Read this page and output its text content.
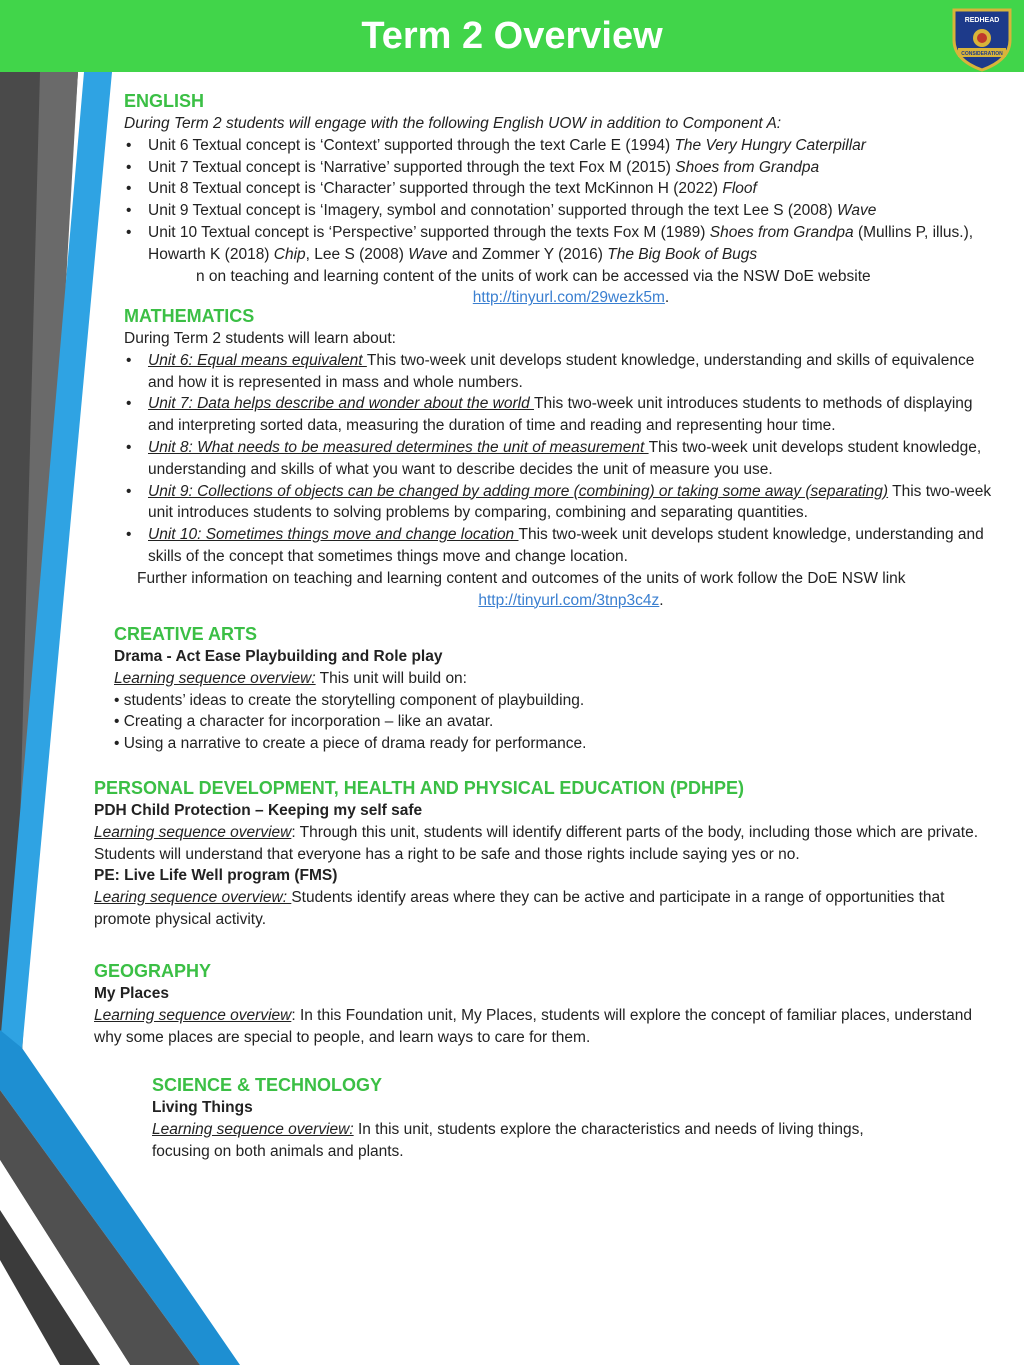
Term 2 Overview	REDHEAD
CONSIDERATION
ENGLISH
During Term 2 students will engage with the following English UOW in addition to Component A:
• Unit 6 Textual concept is ‘Context’ supported through the text Carle E (1994) The Very Hungry Caterpillar
• Unit 7 Textual concept is ‘Narrative’ supported through the text Fox M (2015) Shoes from Grandpa
• Unit 8 Textual concept is ‘Character’ supported through the text McKinnon H (2022) Floof
• Unit 9 Textual concept is ‘Imagery, symbol and connotation’ supported through the text Lee S (2008) Wave
• Unit 10 Textual concept is ‘Perspective’ supported through the texts Fox M (1989) Shoes from Grandpa (Mullins P, illus.), Howarth K (2018) Chip, Lee S (2008) Wave and Zommer Y (2016) The Big Book of Bugs
n on teaching and learning content of the units of work can be accessed via the NSW DoE website
http://tinyurl.com/29wezk5m.
MATHEMATICS
During Term 2 students will learn about:
• Unit 6: Equal means equivalent This two-week unit develops student knowledge, understanding and skills of equivalence and how it is represented in mass and whole numbers.
• Unit 7: Data helps describe and wonder about the world This two-week unit introduces students to methods of displaying and interpreting sorted data, measuring the duration of time and reading and representing hour time.
• Unit 8: What needs to be measured determines the unit of measurement This two-week unit develops student knowledge, understanding and skills of what you want to describe decides the unit of measure you use.
• Unit 9: Collections of objects can be changed by adding more (combining) or taking some away (separating) This two-week unit introduces students to solving problems by comparing, combining and separating quantities.
• Unit 10: Sometimes things move and change location This two-week unit develops student knowledge, understanding and skills of the concept that sometimes things move and change location.
Further information on teaching and learning content and outcomes of the units of work follow the DoE NSW link
http://tinyurl.com/3tnp3c4z.
CREATIVE ARTS
Drama - Act Ease Playbuilding and Role play
Learning sequence overview: This unit will build on:
• students’ ideas to create the storytelling component of playbuilding.
• Creating a character for incorporation – like an avatar.
• Using a narrative to create a piece of drama ready for performance.
PERSONAL DEVELOPMENT, HEALTH AND PHYSICAL EDUCATION (PDHPE)
PDH Child Protection – Keeping my self safe
Learning sequence overview: Through this unit, students will identify different parts of the body, including those which are private. Students will understand that everyone has a right to be safe and those rights include saying yes or no.
PE: Live Life Well program (FMS)
Learing sequence overview: Students identify areas where they can be active and participate in a range of opportunities that promote physical activity.
GEOGRAPHY
My Places
Learning sequence overview: In this Foundation unit, My Places, students will explore the concept of familiar places, understand why some places are special to people, and learn ways to care for them.
SCIENCE & TECHNOLOGY
Living Things
Learning sequence overview: In this unit, students explore the characteristics and needs of living things, focusing on both animals and plants.
